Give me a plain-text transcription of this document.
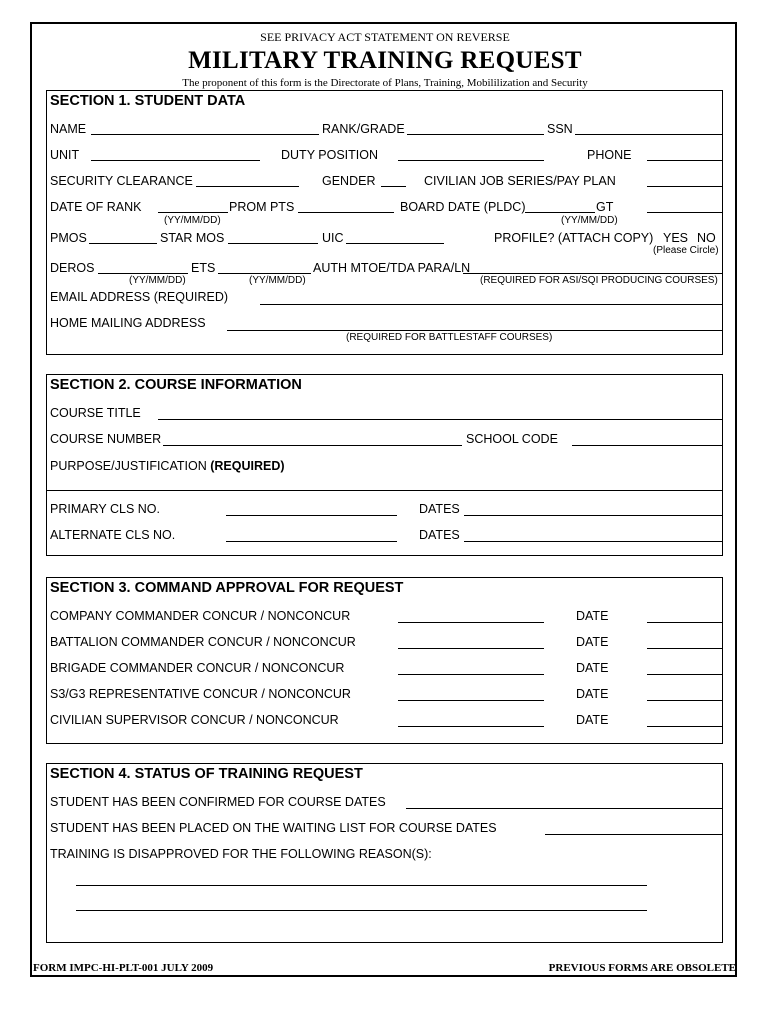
SEE PRIVACY ACT STATEMENT ON REVERSE
MILITARY TRAINING REQUEST
The proponent of this form is the Directorate of Plans, Training, Mobililization and Security
SECTION 1. STUDENT DATA
NAME	RANK/GRADE	SSN
UNIT	DUTY POSITION	PHONE
SECURITY CLEARANCE	GENDER	CIVILIAN JOB SERIES/PAY PLAN
DATE OF RANK	PROM PTS	BOARD DATE (PLDC)	GT
(YY/MM/DD)	(YY/MM/DD)
PMOS	STAR MOS	UIC	PROFILE? (ATTACH COPY) YES NO
(Please Circle)
DEROS	ETS	AUTH MTOE/TDA PARA/LN
(YY/MM/DD)	(YY/MM/DD)	(REQUIRED FOR ASI/SQI PRODUCING COURSES)
EMAIL ADDRESS (REQUIRED)
HOME MAILING ADDRESS
(REQUIRED FOR BATTLESTAFF COURSES)
SECTION 2. COURSE INFORMATION
COURSE TITLE
COURSE NUMBER	SCHOOL CODE
PURPOSE/JUSTIFICATION (REQUIRED)
PRIMARY CLS NO.	DATES
ALTERNATE CLS NO.	DATES
SECTION 3. COMMAND APPROVAL FOR REQUEST
COMPANY COMMANDER CONCUR / NONCONCUR	DATE
BATTALION COMMANDER CONCUR / NONCONCUR	DATE
BRIGADE COMMANDER CONCUR / NONCONCUR	DATE
S3/G3 REPRESENTATIVE CONCUR / NONCONCUR	DATE
CIVILIAN SUPERVISOR CONCUR / NONCONCUR	DATE
SECTION 4. STATUS OF TRAINING REQUEST
STUDENT HAS BEEN CONFIRMED FOR COURSE DATES
STUDENT HAS BEEN PLACED ON THE WAITING LIST FOR COURSE DATES
TRAINING IS DISAPPROVED FOR THE FOLLOWING REASON(S):
FORM IMPC-HI-PLT-001 JULY 2009	PREVIOUS FORMS ARE OBSOLETE
